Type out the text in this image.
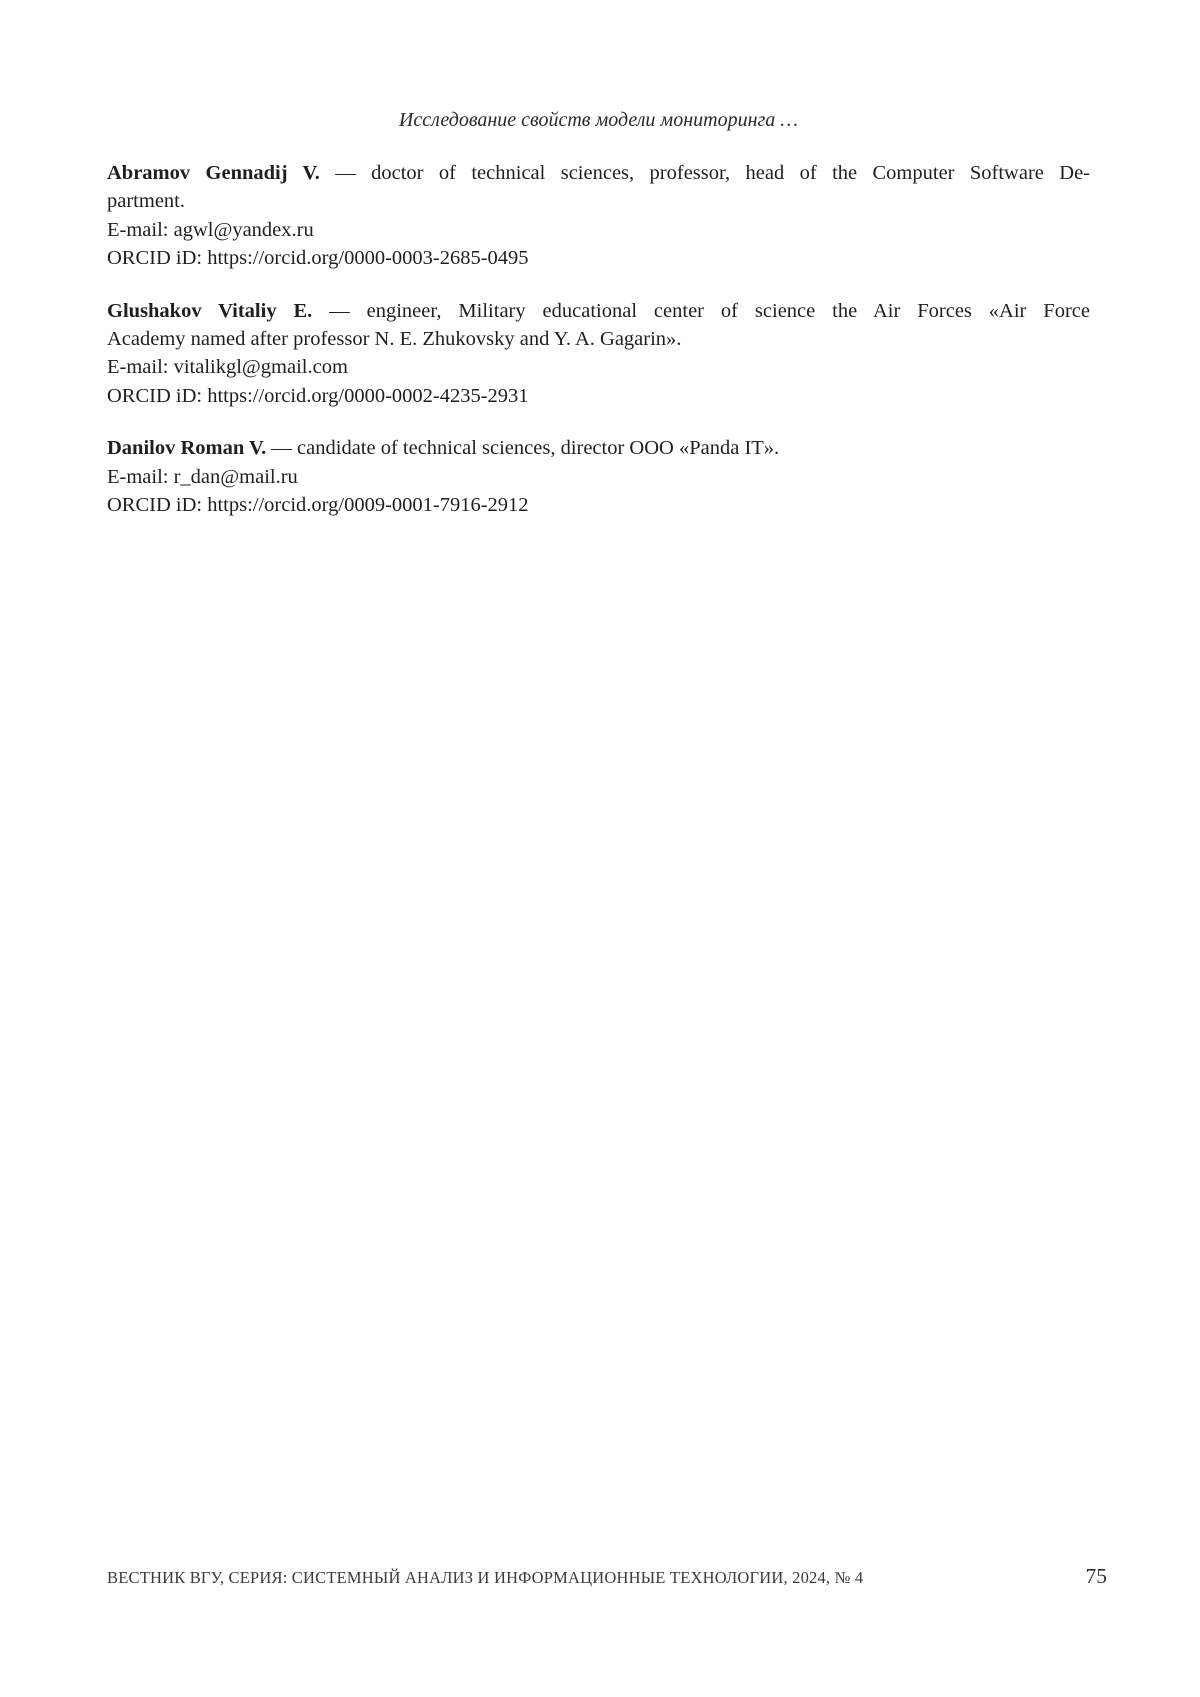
Исследование свойств модели мониторинга …
Abramov Gennadij V. — doctor of technical sciences, professor, head of the Computer Software De-
partment.
E-mail: agwl@yandex.ru
ORCID iD: https://orcid.org/0000-0003-2685-0495
Glushakov Vitaliy E. — engineer, Military educational center of science the Air Forces «Air Force
Academy named after professor N. E. Zhukovsky and Y. A. Gagarin».
E-mail: vitalikgl@gmail.com
ORCID iD: https://orcid.org/0000-0002-4235-2931
Danilov Roman V. — candidate of technical sciences, director OOO «Panda IT».
E-mail: r_dan@mail.ru
ORCID iD: https://orcid.org/0009-0001-7916-2912
ВЕСТНИК ВГУ, СЕРИЯ: СИСТЕМНЫЙ АНАЛИЗ И ИНФОРМАЦИОННЫЕ ТЕХНОЛОГИИ, 2024, № 4	75
